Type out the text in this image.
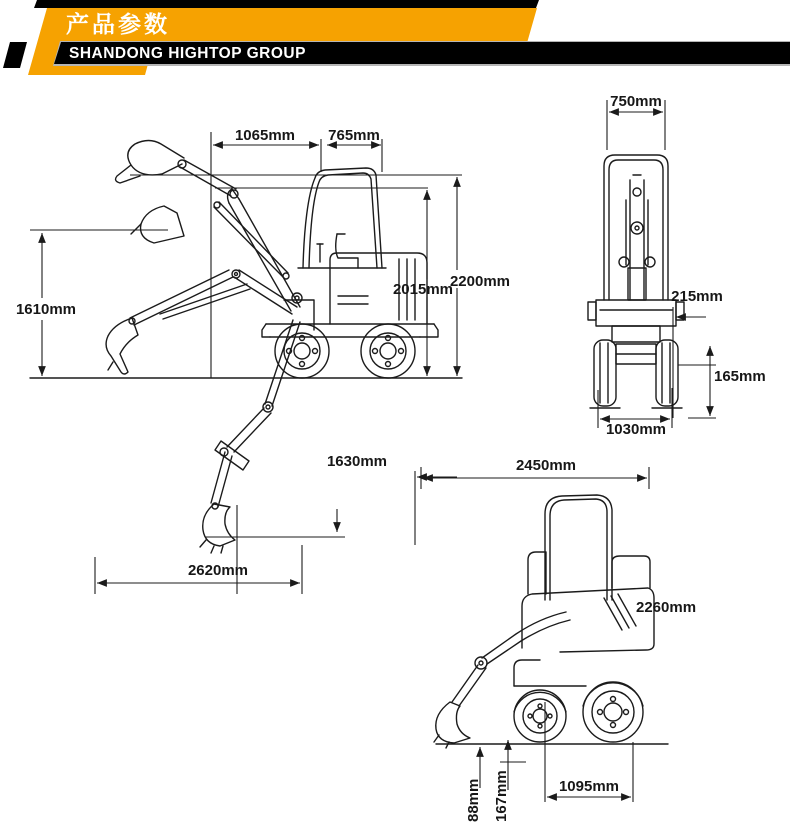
产品参数
SHANDONG HIGHTOP GROUP
1065mm 765mm
1610mm
2015mm
2200mm
1630mm
2620mm
750mm
215mm
165mm
1030mm
2450mm
2260mm
88mm 167mm	1095mm
